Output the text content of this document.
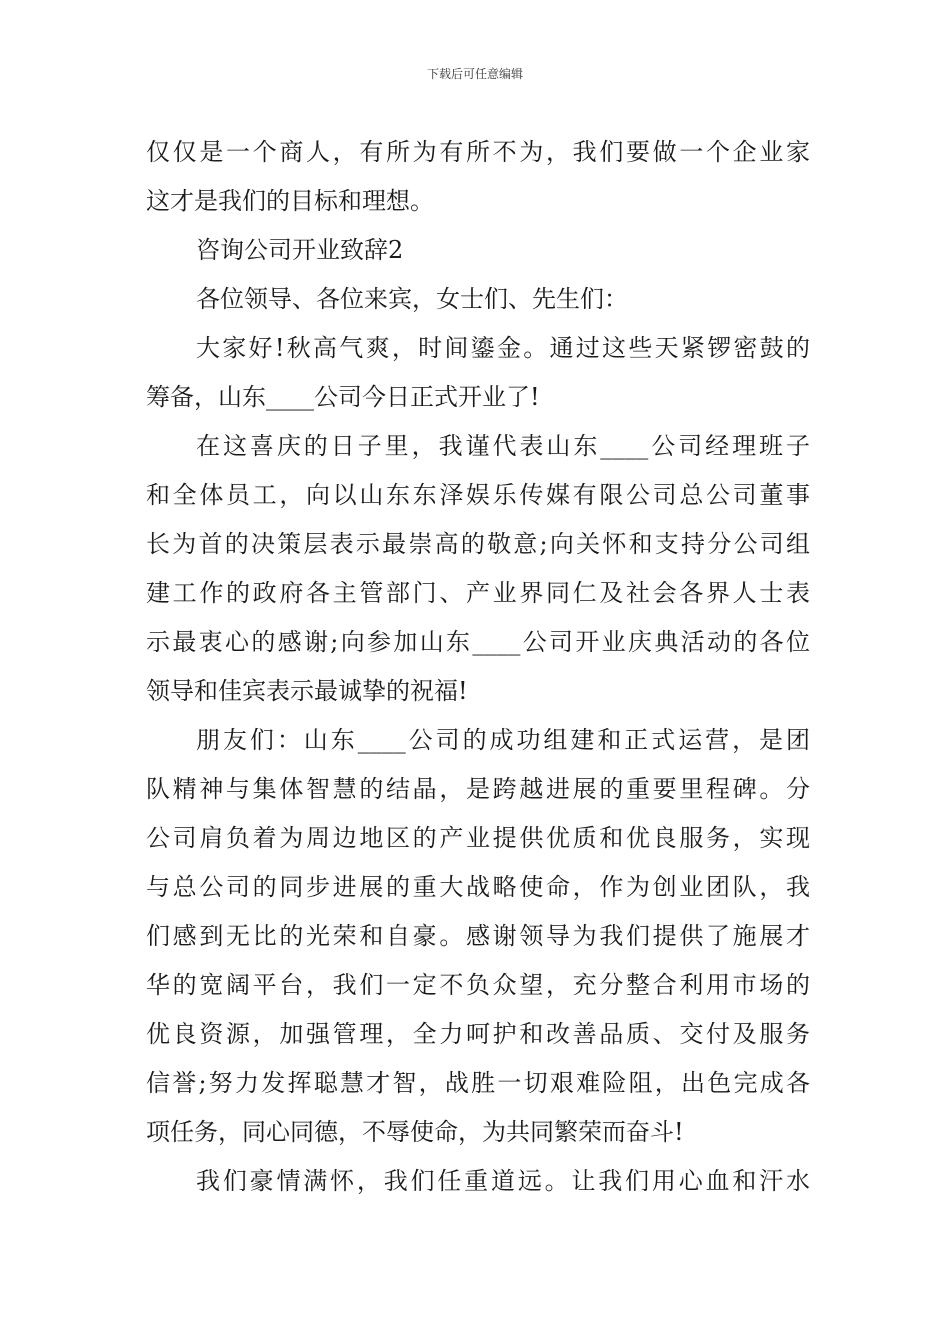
下载后可任意编辑
仅仅是一个商人，有所为有所不为，我们要做一个企业家
这才是我们的目标和理想。
咨询公司开业致辞2
各位领导、各位来宾，女士们、先生们：
大家好!秋高气爽，时间鎏金。通过这些天紧锣密鼓的
筹备，山东____公司今日正式开业了!
在这喜庆的日子里，我谨代表山东____公司经理班子
和全体员工，向以山东东泽娱乐传媒有限公司总公司董事
长为首的决策层表示最崇高的敬意;向关怀和支持分公司组
建工作的政府各主管部门、产业界同仁及社会各界人士表
示最衷心的感谢;向参加山东____公司开业庆典活动的各位
领导和佳宾表示最诚挚的祝福!
朋友们：山东____公司的成功组建和正式运营，是团
队精神与集体智慧的结晶，是跨越进展的重要里程碑。分
公司肩负着为周边地区的产业提供优质和优良服务，实现
与总公司的同步进展的重大战略使命，作为创业团队，我
们感到无比的光荣和自豪。感谢领导为我们提供了施展才
华的宽阔平台，我们一定不负众望，充分整合利用市场的
优良资源，加强管理，全力呵护和改善品质、交付及服务
信誉;努力发挥聪慧才智，战胜一切艰难险阻，出色完成各
项任务，同心同德，不辱使命，为共同繁荣而奋斗!
我们豪情满怀，我们任重道远。让我们用心血和汗水
